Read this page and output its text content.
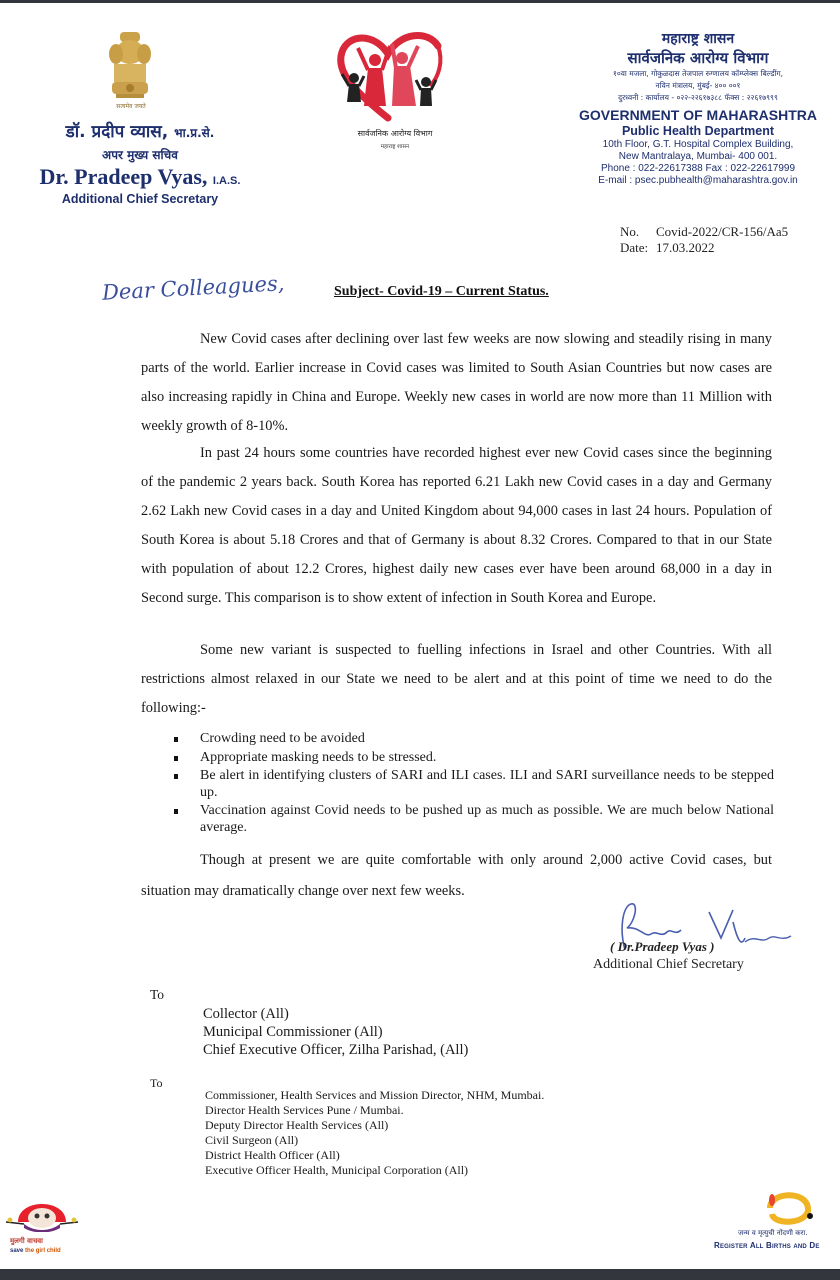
सत्यमेव जयते
डॉ. प्रदीप व्यास, भा.प्र.से.
अपर मुख्य सचिव
Dr. Pradeep Vyas, I.A.S.
Additional Chief Secretary
सार्वजनिक आरोग्य विभाग
महाराष्ट्र शासन
महाराष्ट्र शासन
सार्वजनिक आरोग्य विभाग
१०वा मजला, गोकुळदास तेजपाल रुग्णालय कॉम्प्लेक्स बिल्डींग,
नविन मंत्रालय, मुंबई- ४०० ००१
दुरध्वनी : कार्यालय - ०२२-२२६१७३८८ फॅक्स : २२६१७९९९
GOVERNMENT OF MAHARASHTRA
Public Health Department
10th Floor, G.T. Hospital Complex Building,
New Mantralaya, Mumbai- 400 001.
Phone : 022-22617388 Fax : 022-22617999
E-mail : psec.pubhealth@maharashtra.gov.in
No. Covid-2022/CR-156/Aa5
Date: 17.03.2022
Dear Colleagues,	Subject- Covid-19 – Current Status.

New Covid cases after declining over last few weeks are now slowing and steadily rising in many parts of the world. Earlier increase in Covid cases was limited to South Asian Countries but now cases are also increasing rapidly in China and Europe. Weekly new cases in world are now more than 11 Million with weekly growth of 8-10%.

In past 24 hours some countries have recorded highest ever new Covid cases since the beginning of the pandemic 2 years back. South Korea has reported 6.21 Lakh new Covid cases in a day and Germany 2.62 Lakh new Covid cases in a day and United Kingdom about 94,000 cases in last 24 hours. Population of South Korea is about 5.18 Crores and that of Germany is about 8.32 Crores. Compared to that in our State with population of about 12.2 Crores, highest daily new cases ever have been around 68,000 in a day in Second surge. This comparison is to show extent of infection in South Korea and Europe.

Some new variant is suspected to fuelling infections in Israel and other Countries. With all restrictions almost relaxed in our State we need to be alert and at this point of time we need to do the following:-

Crowding need to be avoided
Appropriate masking needs to be stressed.
Be alert in identifying clusters of SARI and ILI cases. ILI and SARI surveillance needs to be stepped up.
Vaccination against Covid needs to be pushed up as much as possible. We are much below National average.

Though at present we are quite comfortable with only around 2,000 active Covid cases, but situation may dramatically change over next few weeks.

( Dr.Pradeep Vyas )
Additional Chief Secretary
To
Collector (All)
Municipal Commissioner (All)
Chief Executive Officer, Zilha Parishad, (All)
To
Commissioner, Health Services and Mission Director, NHM, Mumbai.
Director Health Services Pune / Mumbai.
Deputy Director Health Services (All)
Civil Surgeon (All)
District Health Officer (All)
Executive Officer Health, Municipal Corporation (All)
मुलगी वाचवा
save the girl child
जन्म व मृत्युची नोंदणी करा.
Register All Births and De
